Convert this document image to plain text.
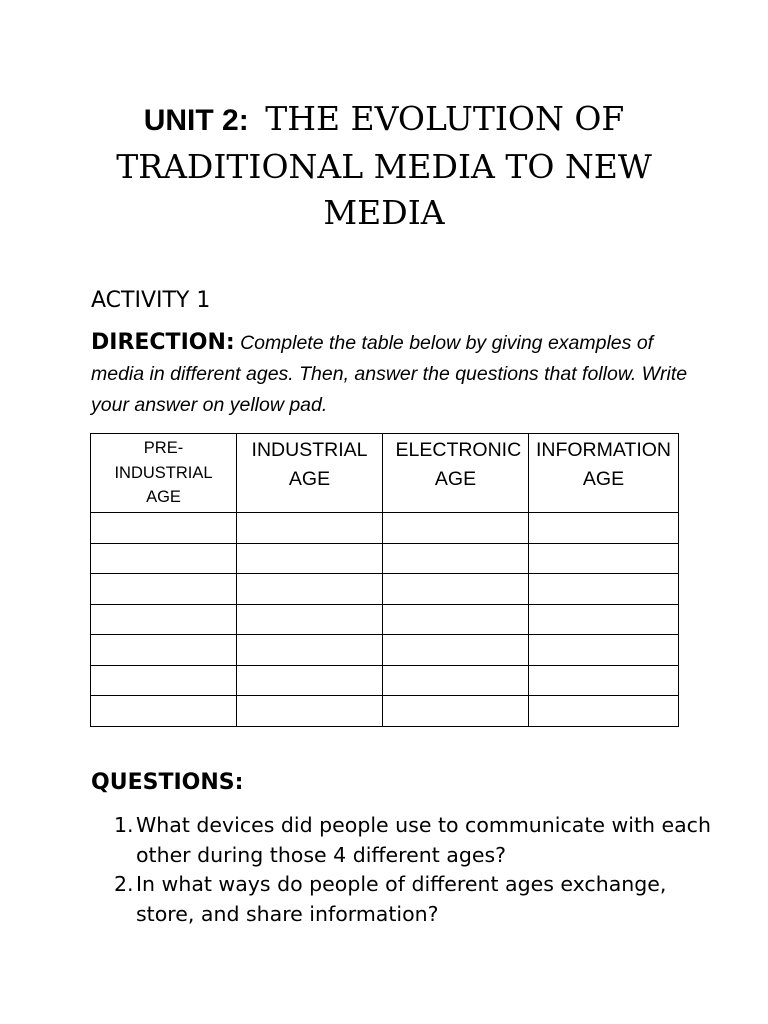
UNIT 2: THE EVOLUTION OF TRADITIONAL MEDIA TO NEW MEDIA
ACTIVITY 1
DIRECTION: Complete the table below by giving examples of media in different ages. Then, answer the questions that follow. Write your answer on yellow pad.
PRE-INDUSTRIAL AGE	INDUSTRIAL AGE	ELECTRONIC AGE	INFORMATION AGE

QUESTIONS:
1. What devices did people use to communicate with each other during those 4 different ages?
2. In what ways do people of different ages exchange, store, and share information?
